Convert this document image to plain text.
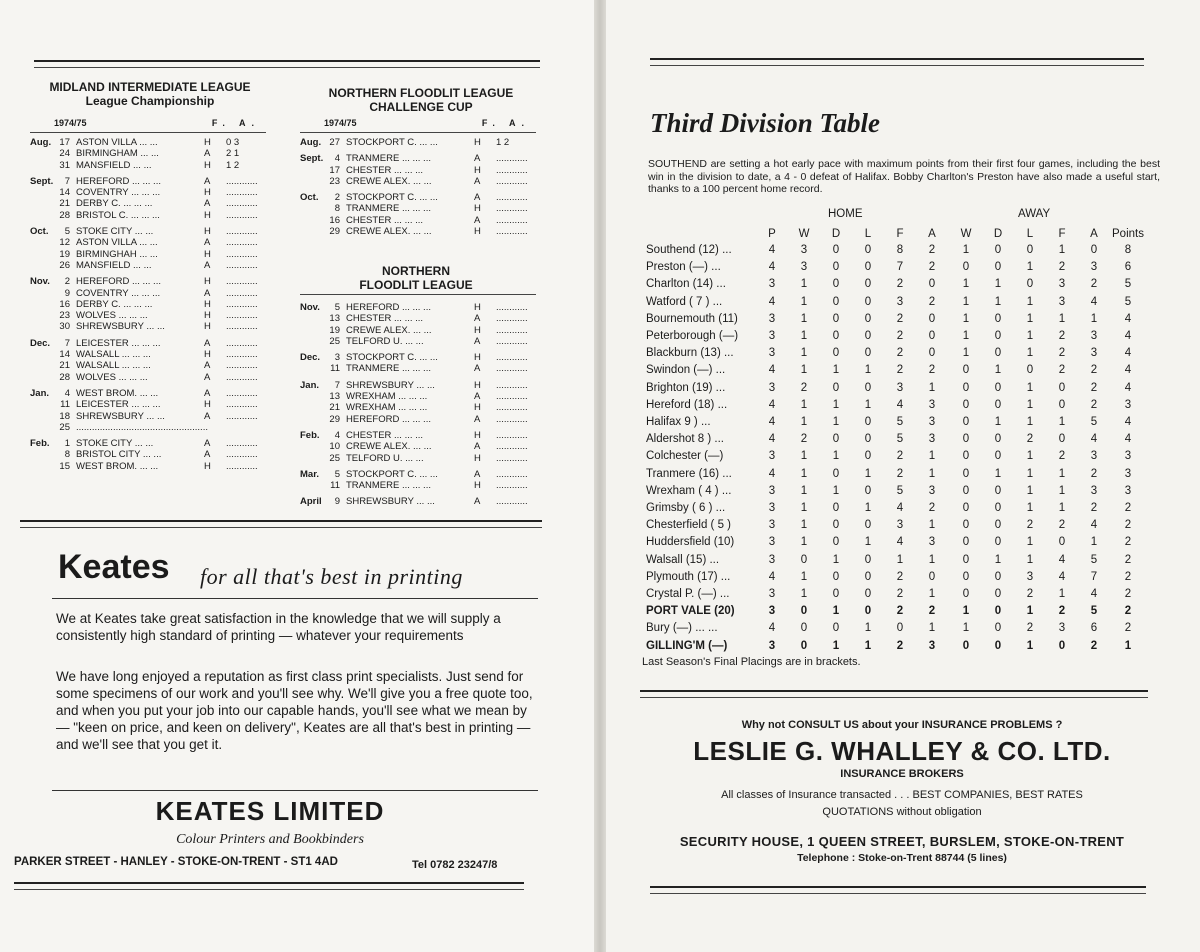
MIDLAND INTERMEDIATE LEAGUE
League Championship
NORTHERN FLOODLIT LEAGUE
CHALLENGE CUP
1974/75	F. A.
Aug. 17 ASTON VILLA ... ...	H 0 3
24 BIRMINGHAM ... ...	A 2 1
31 MANSFIELD ... ...	H 1 2
Sept.	7 HEREFORD ... ... ...	A ............
14 COVENTRY ... ... ...	H ............
21 DERBY C. ... ... ...	A ............
28 BRISTOL C. ... ... ...	H ............
Oct.	5 STOKE CITY ... ...	H ............
12 ASTON VILLA ... ...	A ............
19 BIRMINGHAH ... ...	H ............
26 MANSFIELD ... ...	A ............
Nov.	2 HEREFORD ... ... ...	H ............
9 COVENTRY ... ... ...	A ............
16 DERBY C. ... ... ...	H ............
23 WOLVES ... ... ...	H ............
30 SHREWSBURY ... ...	H ............
Dec.	7 LEICESTER ... ... ...	A ............
14 WALSALL ... ... ...	H ............
21 WALSALL ... ... ...	A ............
28 WOLVES ... ... ...	A ............
Jan.	4 WEST BROM. ... ...	A ............
11 LEICESTER ... ... ...	H ............
18 SHREWSBURY ... ...	A ............
25 ..................................................
Feb.	1 STOKE CITY ... ...	A ............
8 BRISTOL CITY ... ...	A ............
15 WEST BROM. ... ...	H ............
1974/75	F. A.
Aug. 27 STOCKPORT C. ... ...	H 1 2
Sept.	4 TRANMERE ... ... ...	A ............
17 CHESTER ... ... ...	H ............
23 CREWE ALEX. ... ...	A ............
Oct.	2 STOCKPORT C. ... ...	A ............
8 TRANMERE ... ... ...	H ............
16 CHESTER ... ... ...	A ............
29 CREWE ALEX. ... ...	H ............
NORTHERN
FLOODLIT LEAGUE
Nov.	5 HEREFORD ... ... ...	H ............
13 CHESTER ... ... ...	A ............
19 CREWE ALEX. ... ...	H ............
25 TELFORD U. ... ...	A ............
Dec.	3 STOCKPORT C. ... ...	H ............
11 TRANMERE ... ... ...	A ............
Jan.	7 SHREWSBURY ... ...	H ............
13 WREXHAM ... ... ...	A ............
21 WREXHAM ... ... ...	H ............
29 HEREFORD ... ... ...	A ............
Feb.	4 CHESTER ... ... ...	H ............
10 CREWE ALEX. ... ...	A ............
25 TELFORD U. ... ...	H ............
Mar.	5 STOCKPORT C. ... ...	A ............
11 TRANMERE ... ... ...	H ............
April	9 SHREWSBURY ... ...	A ............
Keates for all that's best in printing
We at Keates take great satisfaction in the knowledge that we will supply a consistently high standard of printing — whatever your requirements
We have long enjoyed a reputation as first class print specialists. Just send for some specimens of our work and you'll see why. We'll give you a free quote too, and when you put your job into our capable hands, you'll see what we mean by — "keen on price, and keen on delivery", Keates are all that's best in printing — and we'll see that you get it.
KEATES LIMITED
Colour Printers and Bookbinders
PARKER STREET - HANLEY - STOKE-ON-TRENT - ST1 4AD	Tel 0782 23247/8
Third Division Table
SOUTHEND are setting a hot early pace with maximum points from their first four games, including the best win in the division to date, a 4 - 0 defeat of Halifax. Bobby Charlton's Preston have also made a useful start, thanks to a 100 percent home record.
HOME	AWAY
P	W	D	L	F	A	W	D	L	F	A	Points
Southend (12) ...	4	3	0	0	8	2	1	0	0	1	0	8
Preston (—) ...	4	3	0	0	7	2	0	0	1	2	3	6
Charlton (14) ...	3	1	0	0	2	0	1	1	0	3	2	5
Watford ( 7 ) ...	4	1	0	0	3	2	1	1	1	3	4	5
Bournemouth (11)	3	1	0	0	2	0	1	0	1	1	1	4
Peterborough (—)	3	1	0	0	2	0	1	0	1	2	3	4
Blackburn (13) ...	3	1	0	0	2	0	1	0	1	2	3	4
Swindon (—) ...	4	1	1	1	2	2	0	1	0	2	2	4
Brighton (19) ...	3	2	0	0	3	1	0	0	1	0	2	4
Hereford (18) ...	4	1	1	1	4	3	0	0	1	0	2	3
Halifax 9 ) ...	4	1	1	0	5	3	0	1	1	1	5	4
Aldershot 8 ) ...	4	2	0	0	5	3	0	0	2	0	4	4
Colchester (—)	3	1	1	0	2	1	0	0	1	2	3	3
Tranmere (16) ...	4	1	0	1	2	1	0	1	1	1	2	3
Wrexham ( 4 ) ...	3	1	1	0	5	3	0	0	1	1	3	3
Grimsby ( 6 ) ...	3	1	0	1	4	2	0	0	1	1	2	2
Chesterfield ( 5 )	3	1	0	0	3	1	0	0	2	2	4	2
Huddersfield (10)	3	1	0	1	4	3	0	0	1	0	1	2
Walsall (15) ...	3	0	1	0	1	1	0	1	1	4	5	2
Plymouth (17) ...	4	1	0	0	2	0	0	0	3	4	7	2
Crystal P. (—) ...	3	1	0	0	2	1	0	0	2	1	4	2
PORT VALE (20)	3	0	1	0	2	2	1	0	1	2	5	2
Bury (—) ... ...	4	0	0	1	0	1	1	0	2	3	6	2
GILLING'M (—)	3	0	1	1	2	3	0	0	1	0	2	1
Last Season's Final Placings are in brackets.
Why not CONSULT US about your INSURANCE PROBLEMS ?
LESLIE G. WHALLEY & CO. LTD.
INSURANCE BROKERS
All classes of Insurance transacted . . . BEST COMPANIES, BEST RATES
QUOTATIONS without obligation
SECURITY HOUSE, 1 QUEEN STREET, BURSLEM, STOKE-ON-TRENT
Telephone : Stoke-on-Trent 88744 (5 lines)
